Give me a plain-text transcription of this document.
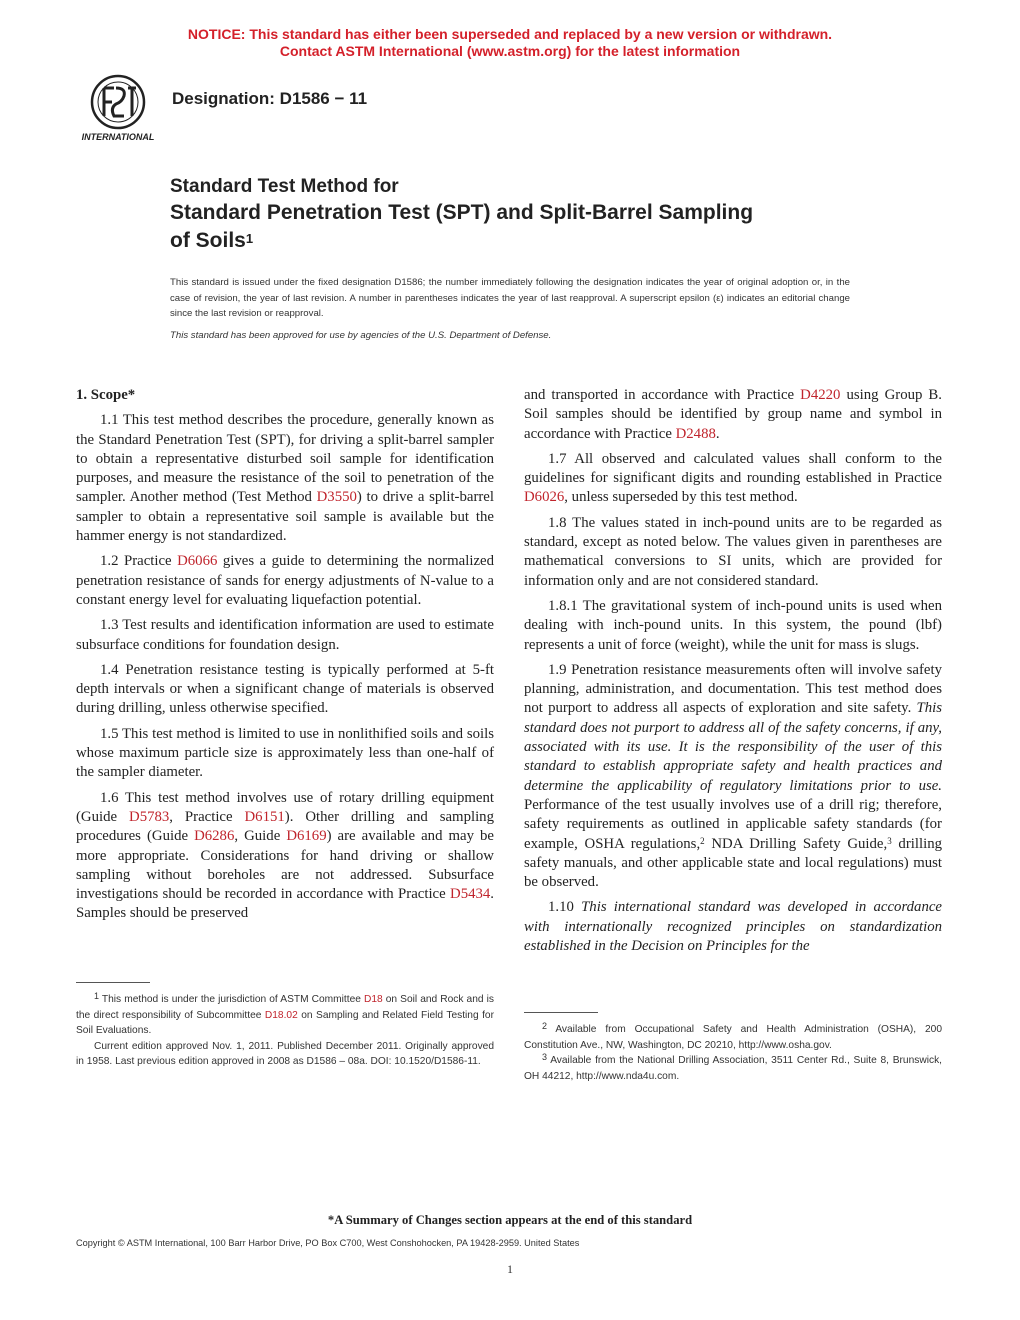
NOTICE: This standard has either been superseded and replaced by a new version or withdrawn.
Contact ASTM International (www.astm.org) for the latest information
INTERNATIONAL
Designation: D1586 − 11
Standard Test Method for
Standard Penetration Test (SPT) and Split-Barrel Sampling
of Soils$^1$
This standard is issued under the fixed designation D1586; the number immediately following the designation indicates the year of original adoption or, in the case of revision, the year of last revision. A number in parentheses indicates the year of last reapproval. A superscript epsilon (ε) indicates an editorial change since the last revision or reapproval.
This standard has been approved for use by agencies of the U.S. Department of Defense.
1. Scope*

1.1 This test method describes the procedure, generally known as the Standard Penetration Test (SPT), for driving a split-barrel sampler to obtain a representative disturbed soil sample for identification purposes, and measure the resistance of the soil to penetration of the sampler. Another method (Test Method D3550) to drive a split-barrel sampler to obtain a representative soil sample is available but the hammer energy is not standardized.

1.2 Practice D6066 gives a guide to determining the normalized penetration resistance of sands for energy adjustments of N-value to a constant energy level for evaluating liquefaction potential.

1.3 Test results and identification information are used to estimate subsurface conditions for foundation design.

1.4 Penetration resistance testing is typically performed at 5-ft depth intervals or when a significant change of materials is observed during drilling, unless otherwise specified.

1.5 This test method is limited to use in nonlithified soils and soils whose maximum particle size is approximately less than one-half of the sampler diameter.

1.6 This test method involves use of rotary drilling equipment (Guide D5783, Practice D6151). Other drilling and sampling procedures (Guide D6286, Guide D6169) are available and may be more appropriate. Considerations for hand driving or shallow sampling without boreholes are not addressed. Subsurface investigations should be recorded in accordance with Practice D5434. Samples should be preserved

and transported in accordance with Practice D4220 using Group B. Soil samples should be identified by group name and symbol in accordance with Practice D2488.

1.7 All observed and calculated values shall conform to the guidelines for significant digits and rounding established in Practice D6026, unless superseded by this test method.

1.8 The values stated in inch-pound units are to be regarded as standard, except as noted below. The values given in parentheses are mathematical conversions to SI units, which are provided for information only and are not considered standard.

1.8.1 The gravitational system of inch-pound units is used when dealing with inch-pound units. In this system, the pound (lbf) represents a unit of force (weight), while the unit for mass is slugs.

1.9 Penetration resistance measurements often will involve safety planning, administration, and documentation. This test method does not purport to address all aspects of exploration and site safety. This standard does not purport to address all of the safety concerns, if any, associated with its use. It is the responsibility of the user of this standard to establish appropriate safety and health practices and determine the applicability of regulatory limitations prior to use. Performance of the test usually involves use of a drill rig; therefore, safety requirements as outlined in applicable safety standards (for example, OSHA regulations,$^2$ NDA Drilling Safety Guide,$^3$ drilling safety manuals, and other applicable state and local regulations) must be observed.

1.10 This international standard was developed in accordance with internationally recognized principles on standardization established in the Decision on Principles for the

$^1$ This method is under the jurisdiction of ASTM Committee D18 on Soil and Rock and is the direct responsibility of Subcommittee D18.02 on Sampling and Related Field Testing for Soil Evaluations.

Current edition approved Nov. 1, 2011. Published December 2011. Originally approved in 1958. Last previous edition approved in 2008 as D1586 – 08a. DOI: 10.1520/D1586-11.

$^2$ Available from Occupational Safety and Health Administration (OSHA), 200 Constitution Ave., NW, Washington, DC 20210, http://www.osha.gov.

$^3$ Available from the National Drilling Association, 3511 Center Rd., Suite 8, Brunswick, OH 44212, http://www.nda4u.com.

*A Summary of Changes section appears at the end of this standard
Copyright © ASTM International, 100 Barr Harbor Drive, PO Box C700, West Conshohocken, PA 19428-2959. United States
1
